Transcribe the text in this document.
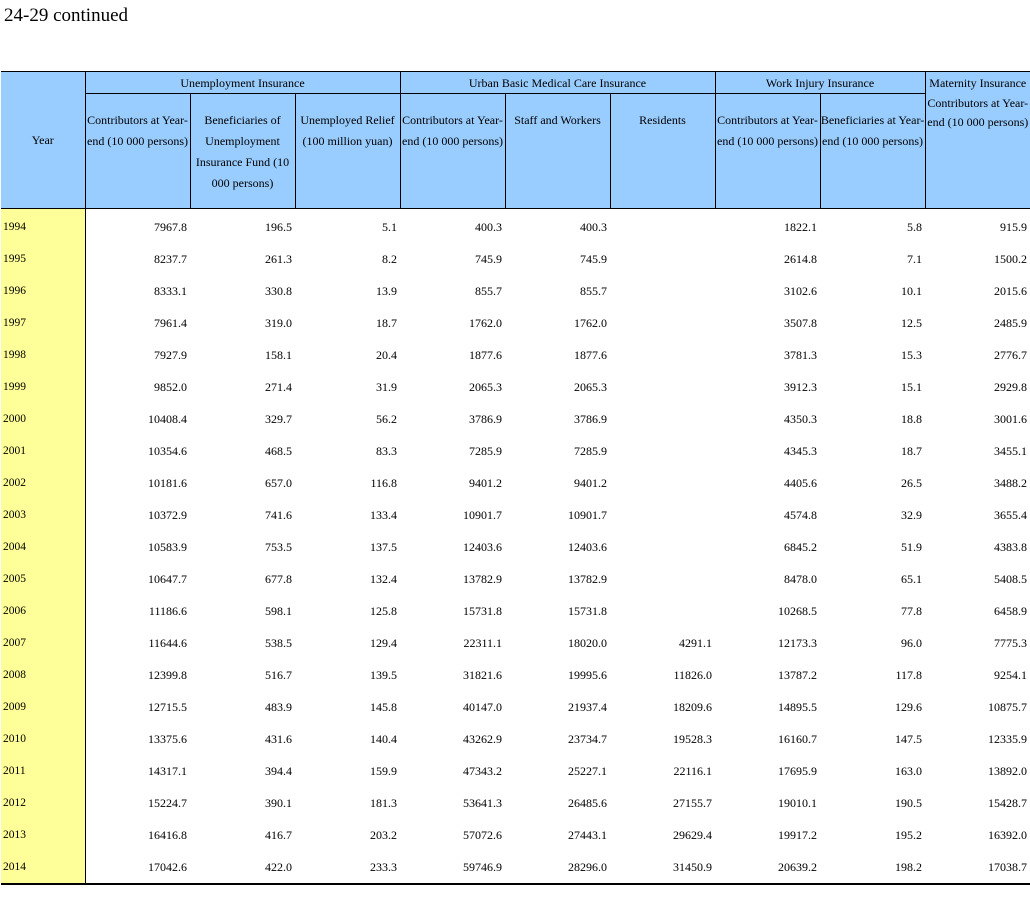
24-29 continued
Year	Unemployment Insurance			Urban Basic Medical Care Insurance			Work Injury Insurance		Maternity Insurance Contributors at Year-end (10 000 persons)
	Contributors at Year-end (10 000 persons)	Beneficiaries of Unemployment Insurance Fund (10 000 persons)	Unemployed Relief (100 million yuan)	Contributors at Year-end (10 000 persons)	Staff and Workers	Residents	Contributors at Year-end (10 000 persons)	Beneficiaries at Year-end (10 000 persons)	
1994	7967.8	196.5	5.1	400.3	400.3		1822.1	5.8	915.9
1995	8237.7	261.3	8.2	745.9	745.9		2614.8	7.1	1500.2
1996	8333.1	330.8	13.9	855.7	855.7		3102.6	10.1	2015.6
1997	7961.4	319.0	18.7	1762.0	1762.0		3507.8	12.5	2485.9
1998	7927.9	158.1	20.4	1877.6	1877.6		3781.3	15.3	2776.7
1999	9852.0	271.4	31.9	2065.3	2065.3		3912.3	15.1	2929.8
2000	10408.4	329.7	56.2	3786.9	3786.9		4350.3	18.8	3001.6
2001	10354.6	468.5	83.3	7285.9	7285.9		4345.3	18.7	3455.1
2002	10181.6	657.0	116.8	9401.2	9401.2		4405.6	26.5	3488.2
2003	10372.9	741.6	133.4	10901.7	10901.7		4574.8	32.9	3655.4
2004	10583.9	753.5	137.5	12403.6	12403.6		6845.2	51.9	4383.8
2005	10647.7	677.8	132.4	13782.9	13782.9		8478.0	65.1	5408.5
2006	11186.6	598.1	125.8	15731.8	15731.8		10268.5	77.8	6458.9
2007	11644.6	538.5	129.4	22311.1	18020.0	4291.1	12173.3	96.0	7775.3
2008	12399.8	516.7	139.5	31821.6	19995.6	11826.0	13787.2	117.8	9254.1
2009	12715.5	483.9	145.8	40147.0	21937.4	18209.6	14895.5	129.6	10875.7
2010	13375.6	431.6	140.4	43262.9	23734.7	19528.3	16160.7	147.5	12335.9
2011	14317.1	394.4	159.9	47343.2	25227.1	22116.1	17695.9	163.0	13892.0
2012	15224.7	390.1	181.3	53641.3	26485.6	27155.7	19010.1	190.5	15428.7
2013	16416.8	416.7	203.2	57072.6	27443.1	29629.4	19917.2	195.2	16392.0
2014	17042.6	422.0	233.3	59746.9	28296.0	31450.9	20639.2	198.2	17038.7
